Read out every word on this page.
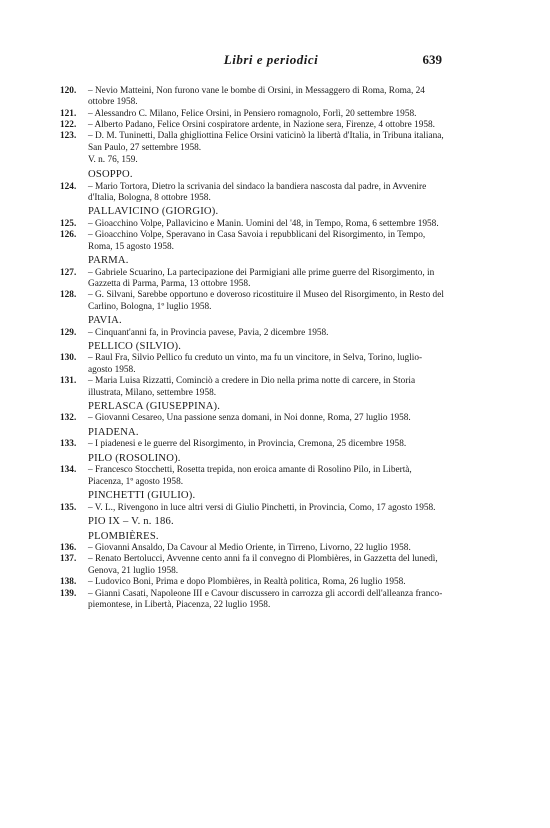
Libri e periodici	639
120. – Nevio Matteini, Non furono vane le bombe di Orsini, in Messaggero di Roma, Roma, 24 ottobre 1958.
121. – Alessandro C. Milano, Felice Orsini, in Pensiero romagnolo, Forlì, 20 settembre 1958.
122. – Alberto Padano, Felice Orsini cospiratore ardente, in Nazione sera, Firenze, 4 ottobre 1958.
123. – D. M. Tuninetti, Dalla ghigliottina Felice Orsini vaticinò la libertà d'Italia, in Tribuna italiana, San Paulo, 27 settembre 1958.
V. n. 76, 159.
OSOPPO.
124. – Mario Tortora, Dietro la scrivania del sindaco la bandiera nascosta dal padre, in Avvenire d'Italia, Bologna, 8 ottobre 1958.
PALLAVICINO (GIORGIO).
125. – Gioacchino Volpe, Pallavicino e Manin. Uomini del '48, in Tempo, Roma, 6 settembre 1958.
126. – Gioacchino Volpe, Speravano in Casa Savoia i repubblicani del Risorgimento, in Tempo, Roma, 15 agosto 1958.
PARMA.
127. – Gabriele Scuarino, La partecipazione dei Parmigiani alle prime guerre del Risorgimento, in Gazzetta di Parma, Parma, 13 ottobre 1958.
128. – G. Silvani, Sarebbe opportuno e doveroso ricostituire il Museo del Risorgimento, in Resto del Carlino, Bologna, 1º luglio 1958.
PAVIA.
129. – Cinquant'anni fa, in Provincia pavese, Pavia, 2 dicembre 1958.
PELLICO (SILVIO).
130. – Raul Fra, Silvio Pellico fu creduto un vinto, ma fu un vincitore, in Selva, Torino, luglio-agosto 1958.
131. – Maria Luisa Rizzatti, Cominciò a credere in Dio nella prima notte di carcere, in Storia illustrata, Milano, settembre 1958.
PERLASCA (GIUSEPPINA).
132. – Giovanni Cesareo, Una passione senza domani, in Noi donne, Roma, 27 luglio 1958.
PIADENA.
133. – I piadenesi e le guerre del Risorgimento, in Provincia, Cremona, 25 dicembre 1958.
PILO (ROSOLINO).
134. – Francesco Stocchetti, Rosetta trepida, non eroica amante di Rosolino Pilo, in Libertà, Piacenza, 1º agosto 1958.
PINCHETTI (GIULIO).
135. – V. L., Rivengono in luce altri versi di Giulio Pinchetti, in Provincia, Como, 17 agosto 1958.
PIO IX – V. n. 186.
PLOMBIÈRES.
136. – Giovanni Ansaldo, Da Cavour al Medio Oriente, in Tirreno, Livorno, 22 luglio 1958.
137. – Renato Bertolucci, Avvenne cento anni fa il convegno di Plombières, in Gazzetta del lunedì, Genova, 21 luglio 1958.
138. – Ludovico Boni, Prima e dopo Plombières, in Realtà politica, Roma, 26 luglio 1958.
139. – Gianni Casati, Napoleone III e Cavour discussero in carrozza gli accordi dell'alleanza franco-piemontese, in Libertà, Piacenza, 22 luglio 1958.
